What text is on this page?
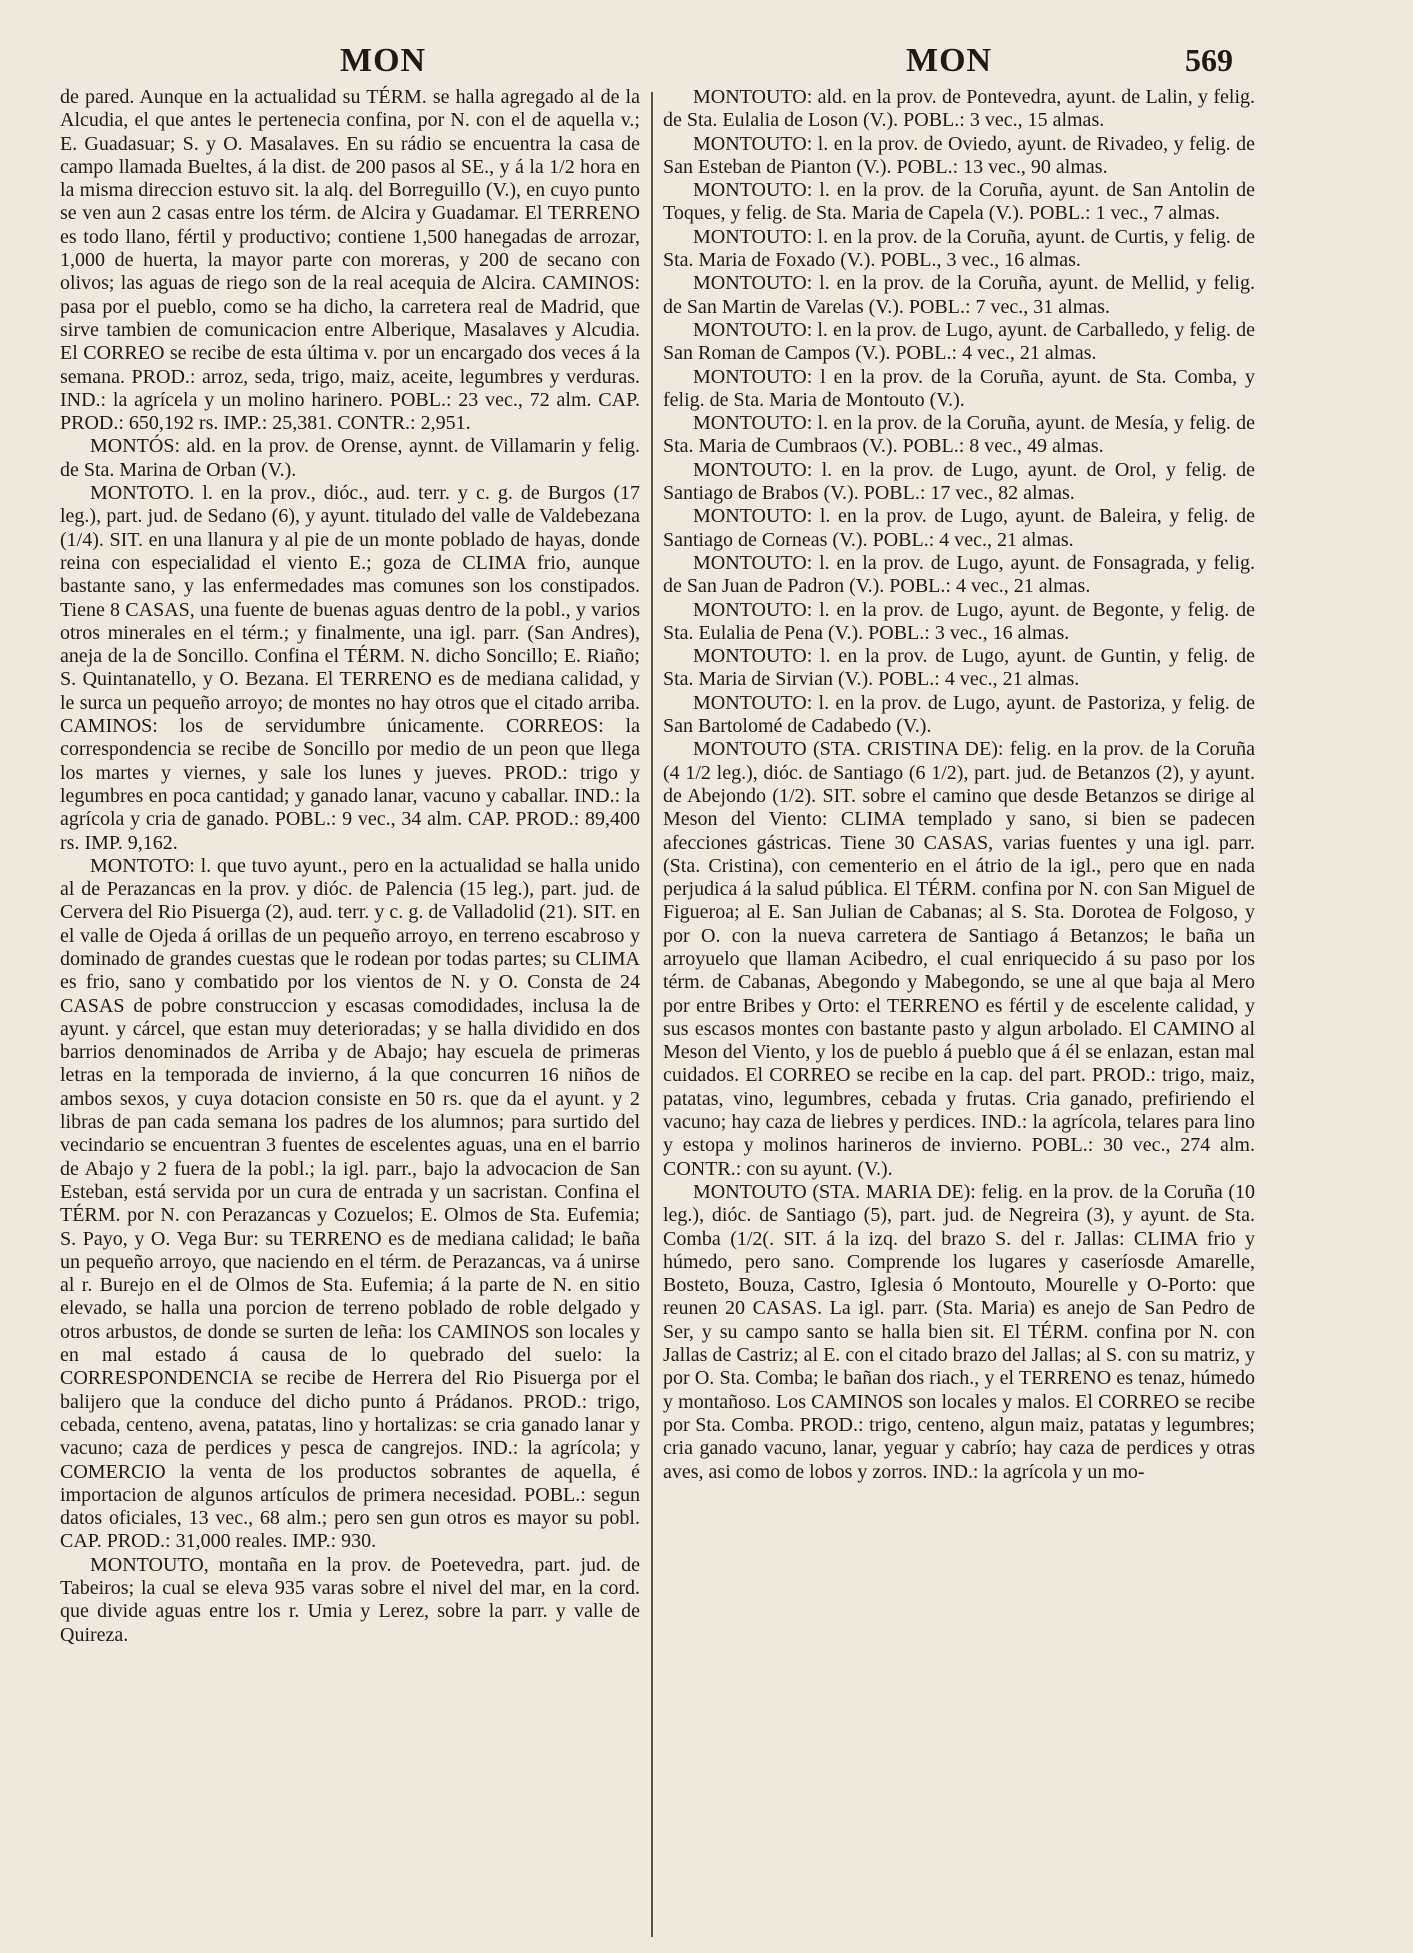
MON	MON	569

de pared. Aunque en la actualidad su TÉRM. se halla agregado al de la Alcudia, el que antes le pertenecia confina, por N. con el de aquella v.; E. Guadasuar; S. y O. Masalaves. En su rádio se encuentra la casa de campo llamada Bueltes, á la dist. de 200 pasos al SE., y á la 1/2 hora en la misma direccion estuvo sit. la alq. del Borreguillo (V.), en cuyo punto se ven aun 2 casas entre los térm. de Alcira y Guadamar. El TERRENO es todo llano, fértil y productivo; contiene 1,500 hanegadas de arrozar, 1,000 de huerta, la mayor parte con moreras, y 200 de secano con olivos; las aguas de riego son de la real acequia de Alcira. CAMINOS: pasa por el pueblo, como se ha dicho, la carretera real de Madrid, que sirve tambien de comunicacion entre Alberique, Masalaves y Alcudia. El CORREO se recibe de esta última v. por un encargado dos veces á la semana. PROD.: arroz, seda, trigo, maiz, aceite, legumbres y verduras. IND.: la agrícela y un molino harinero. POBL.: 23 vec., 72 alm. CAP. PROD.: 650,192 rs. IMP.: 25,381. CONTR.: 2,951.

MONTÓS: ald. en la prov. de Orense, aynnt. de Villamarin y felig. de Sta. Marina de Orban (V.).

MONTOTO. l. en la prov., dióc., aud. terr. y c. g. de Burgos (17 leg.), part. jud. de Sedano (6), y ayunt. titulado del valle de Valdebezana (1/4). SIT. en una llanura y al pie de un monte poblado de hayas, donde reina con especialidad el viento E.; goza de CLIMA frio, aunque bastante sano, y las enfermedades mas comunes son los constipados. Tiene 8 CASAS, una fuente de buenas aguas dentro de la pobl., y varios otros minerales en el térm.; y finalmente, una igl. parr. (San Andres), aneja de la de Soncillo. Confina el TÉRM. N. dicho Soncillo; E. Riaño; S. Quintanatello, y O. Bezana. El TERRENO es de mediana calidad, y le surca un pequeño arroyo; de montes no hay otros que el citado arriba. CAMINOS: los de servidumbre únicamente. CORREOS: la correspondencia se recibe de Soncillo por medio de un peon que llega los martes y viernes, y sale los lunes y jueves. PROD.: trigo y legumbres en poca cantidad; y ganado lanar, vacuno y caballar. IND.: la agrícola y cria de ganado. POBL.: 9 vec., 34 alm. CAP. PROD.: 89,400 rs. IMP. 9,162.

MONTOTO: l. que tuvo ayunt., pero en la actualidad se halla unido al de Perazancas en la prov. y dióc. de Palencia (15 leg.), part. jud. de Cervera del Rio Pisuerga (2), aud. terr. y c. g. de Valladolid (21). SIT. en el valle de Ojeda á orillas de un pequeño arroyo, en terreno escabroso y dominado de grandes cuestas que le rodean por todas partes; su CLIMA es frio, sano y combatido por los vientos de N. y O. Consta de 24 CASAS de pobre construccion y escasas comodidades, inclusa la de ayunt. y cárcel, que estan muy deterioradas; y se halla dividido en dos barrios denominados de Arriba y de Abajo; hay escuela de primeras letras en la temporada de invierno, á la que concurren 16 niños de ambos sexos, y cuya dotacion consiste en 50 rs. que da el ayunt. y 2 libras de pan cada semana los padres de los alumnos; para surtido del vecindario se encuentran 3 fuentes de escelentes aguas, una en el barrio de Abajo y 2 fuera de la pobl.; la igl. parr., bajo la advocacion de San Esteban, está servida por un cura de entrada y un sacristan. Confina el TÉRM. por N. con Perazancas y Cozuelos; E. Olmos de Sta. Eufemia; S. Payo, y O. Vega Bur: su TERRENO es de mediana calidad; le baña un pequeño arroyo, que naciendo en el térm. de Perazancas, va á unirse al r. Burejo en el de Olmos de Sta. Eufemia; á la parte de N. en sitio elevado, se halla una porcion de terreno poblado de roble delgado y otros arbustos, de donde se surten de leña: los CAMINOS son locales y en mal estado á causa de lo quebrado del suelo: la CORRESPONDENCIA se recibe de Herrera del Rio Pisuerga por el balijero que la conduce del dicho punto á Prádanos. PROD.: trigo, cebada, centeno, avena, patatas, lino y hortalizas: se cria ganado lanar y vacuno; caza de perdices y pesca de cangrejos. IND.: la agrícola; y COMERCIO la venta de los productos sobrantes de aquella, é importacion de algunos artículos de primera necesidad. POBL.: segun datos oficiales, 13 vec., 68 alm.; pero sen gun otros es mayor su pobl. CAP. PROD.: 31,000 reales. IMP.: 930.

MONTOUTO, montaña en la prov. de Poetevedra, part. jud. de Tabeiros; la cual se eleva 935 varas sobre el nivel del mar, en la cord. que divide aguas entre los r. Umia y Lerez, sobre la parr. y valle de Quireza.

MONTOUTO: ald. en la prov. de Pontevedra, ayunt. de Lalin, y felig. de Sta. Eulalia de Loson (V.). POBL.: 3 vec., 15 almas.

MONTOUTO: l. en la prov. de Oviedo, ayunt. de Rivadeo, y felig. de San Esteban de Pianton (V.). POBL.: 13 vec., 90 almas.

MONTOUTO: l. en la prov. de la Coruña, ayunt. de San Antolin de Toques, y felig. de Sta. Maria de Capela (V.). POBL.: 1 vec., 7 almas.

MONTOUTO: l. en la prov. de la Coruña, ayunt. de Curtis, y felig. de Sta. Maria de Foxado (V.). POBL., 3 vec., 16 almas.

MONTOUTO: l. en la prov. de la Coruña, ayunt. de Mellid, y felig. de San Martin de Varelas (V.). POBL.: 7 vec., 31 almas.

MONTOUTO: l. en la prov. de Lugo, ayunt. de Carballedo, y felig. de San Roman de Campos (V.). POBL.: 4 vec., 21 almas.

MONTOUTO: l en la prov. de la Coruña, ayunt. de Sta. Comba, y felig. de Sta. Maria de Montouto (V.).

MONTOUTO: l. en la prov. de la Coruña, ayunt. de Mesía, y felig. de Sta. Maria de Cumbraos (V.). POBL.: 8 vec., 49 almas.

MONTOUTO: l. en la prov. de Lugo, ayunt. de Orol, y felig. de Santiago de Brabos (V.). POBL.: 17 vec., 82 almas.

MONTOUTO: l. en la prov. de Lugo, ayunt. de Baleira, y felig. de Santiago de Corneas (V.). POBL.: 4 vec., 21 almas.

MONTOUTO: l. en la prov. de Lugo, ayunt. de Fonsagrada, y felig. de San Juan de Padron (V.). POBL.: 4 vec., 21 almas.

MONTOUTO: l. en la prov. de Lugo, ayunt. de Begonte, y felig. de Sta. Eulalia de Pena (V.). POBL.: 3 vec., 16 almas.

MONTOUTO: l. en la prov. de Lugo, ayunt. de Guntin, y felig. de Sta. Maria de Sirvian (V.). POBL.: 4 vec., 21 almas.

MONTOUTO: l. en la prov. de Lugo, ayunt. de Pastoriza, y felig. de San Bartolomé de Cadabedo (V.).

MONTOUTO (STA. CRISTINA DE): felig. en la prov. de la Coruña (4 1/2 leg.), dióc. de Santiago (6 1/2), part. jud. de Betanzos (2), y ayunt. de Abejondo (1/2). SIT. sobre el camino que desde Betanzos se dirige al Meson del Viento: CLIMA templado y sano, si bien se padecen afecciones gástricas. Tiene 30 CASAS, varias fuentes y una igl. parr. (Sta. Cristina), con cementerio en el átrio de la igl., pero que en nada perjudica á la salud pública. El TÉRM. confina por N. con San Miguel de Figueroa; al E. San Julian de Cabanas; al S. Sta. Dorotea de Folgoso, y por O. con la nueva carretera de Santiago á Betanzos; le baña un arroyuelo que llaman Acibedro, el cual enriquecido á su paso por los térm. de Cabanas, Abegondo y Mabegondo, se une al que baja al Mero por entre Bribes y Orto: el TERRENO es fértil y de escelente calidad, y sus escasos montes con bastante pasto y algun arbolado. El CAMINO al Meson del Viento, y los de pueblo á pueblo que á él se enlazan, estan mal cuidados. El CORREO se recibe en la cap. del part. PROD.: trigo, maiz, patatas, vino, legumbres, cebada y frutas. Cria ganado, prefiriendo el vacuno; hay caza de liebres y perdices. IND.: la agrícola, telares para lino y estopa y molinos harineros de invierno. POBL.: 30 vec., 274 alm. CONTR.: con su ayunt. (V.).

MONTOUTO (STA. MARIA DE): felig. en la prov. de la Coruña (10 leg.), dióc. de Santiago (5), part. jud. de Negreira (3), y ayunt. de Sta. Comba (1/2(. SIT. á la izq. del brazo S. del r. Jallas: CLIMA frio y húmedo, pero sano. Comprende los lugares y caseríosde Amarelle, Bosteto, Bouza, Castro, Iglesia ó Montouto, Mourelle y O-Porto: que reunen 20 CASAS. La igl. parr. (Sta. Maria) es anejo de San Pedro de Ser, y su campo santo se halla bien sit. El TÉRM. confina por N. con Jallas de Castriz; al E. con el citado brazo del Jallas; al S. con su matriz, y por O. Sta. Comba; le bañan dos riach., y el TERRENO es tenaz, húmedo y montañoso. Los CAMINOS son locales y malos. El CORREO se recibe por Sta. Comba. PROD.: trigo, centeno, algun maiz, patatas y legumbres; cria ganado vacuno, lanar, yeguar y cabrío; hay caza de perdices y otras aves, asi como de lobos y zorros. IND.: la agrícola y un mo-
